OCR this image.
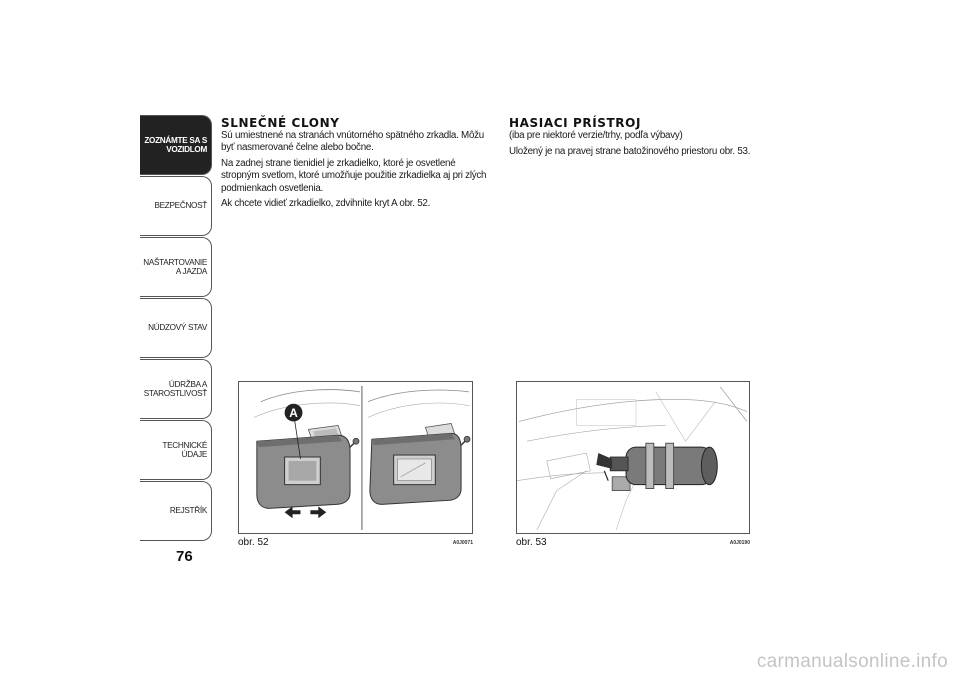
ZOZNÁMTE SA S VOZIDLOM
BEZPEČNOSŤ
NAŠTARTOVANIE A JAZDA
NÚDZOVÝ STAV
ÚDRŽBA A STAROSTLIVOSŤ
TECHNICKÉ ÚDAJE
REJSTŘÍK
76
SLNEČNÉ CLONY

Sú umiestnené na stranách vnútorného spätného zrkadla. Môžu byť nasmerované čelne alebo bočne.

Na zadnej strane tienidiel je zrkadielko, ktoré je osvetlené stropným svetlom, ktoré umožňuje použitie zrkadielka aj pri zlých podmienkach osvetlenia.

Ak chcete vidieť zrkadielko, zdvihnite kryt A obr. 52.

HASIACI PRÍSTROJ

(iba pre niektoré verzie/trhy, podľa výbavy)

Uložený je na pravej strane batožinového priestoru obr. 53.

A
obr. 52	A0J0071	obr. 53	A0J0190
carmanualsonline.info
